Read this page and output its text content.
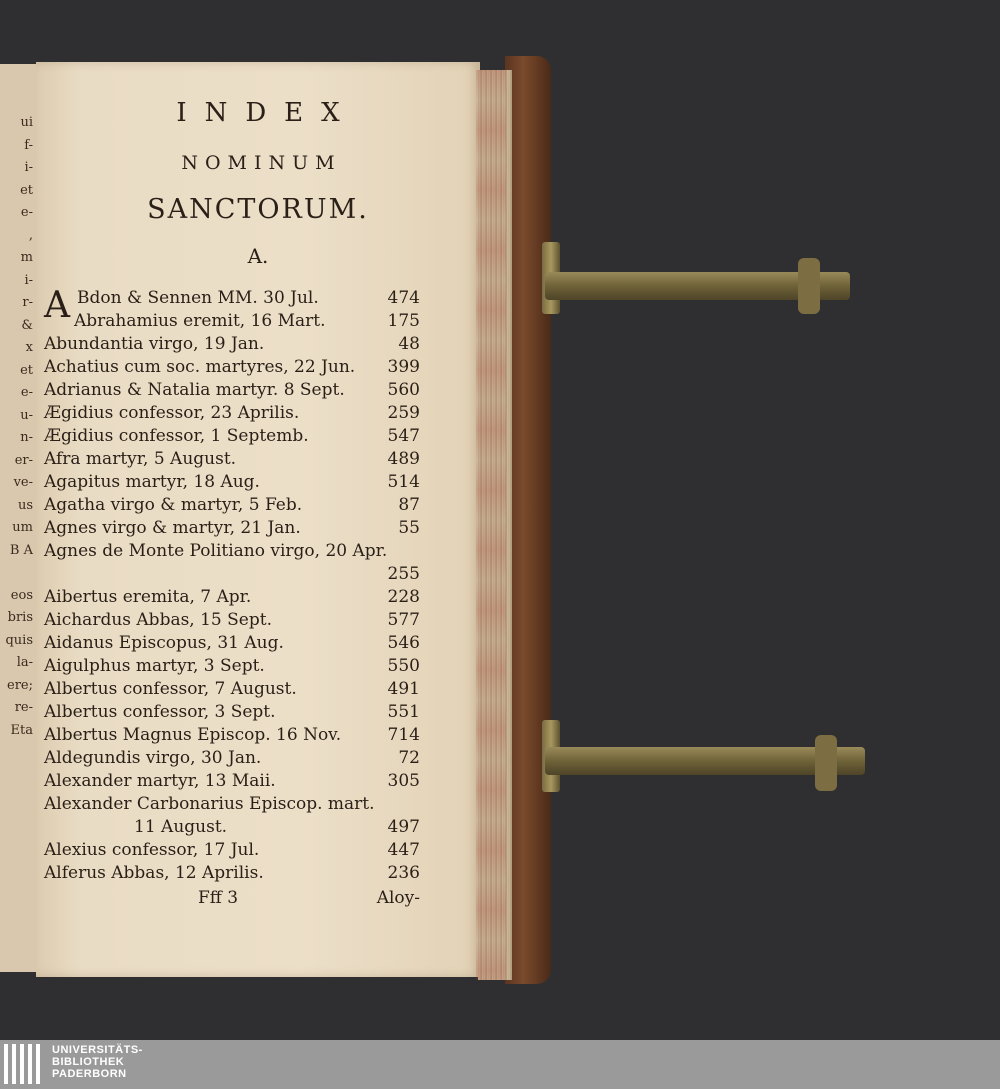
ui
f-
i-
et
e-
,
m
i-
r-
&
x
et
e-
u-
n-
er-
ve-
us
um
B A

eos
bris
quis
la-
ere;
re-
Eta
INDEX
NOMINUM
SANCTORUM.
A.
A Bdon & Sennen MM. 30 Jul.	474
Abrahamius eremit, 16 Mart.	175
Abundantia virgo, 19 Jan.	48
Achatius cum soc. martyres, 22 Jun. 399
Adrianus & Natalia martyr. 8 Sept.	560
Ægidius confessor, 23 Aprilis.	259
Ægidius confessor, 1 Septemb.	547
Afra martyr, 5 August.	489
Agapitus martyr, 18 Aug.	514
Agatha virgo & martyr, 5 Feb.	87
Agnes virgo & martyr, 21 Jan.	55
Agnes de Monte Politiano virgo, 20 Apr.
255
Aibertus eremita, 7 Apr.	228
Aichardus Abbas, 15 Sept.	577
Aidanus Episcopus, 31 Aug.	546
Aigulphus martyr, 3 Sept.	550
Albertus confessor, 7 August.	491
Albertus confessor, 3 Sept.	551
Albertus Magnus Episcop. 16 Nov.	714
Aldegundis virgo, 30 Jan.	72
Alexander martyr, 13 Maii.	305
Alexander Carbonarius Episcop. mart.
11 August.	497
Alexius confessor, 17 Jul.	447
Alferus Abbas, 12 Aprilis.	236
Fff 3	Aloy-
UNIVERSITÄTS-
BIBLIOTHEK
PADERBORN
